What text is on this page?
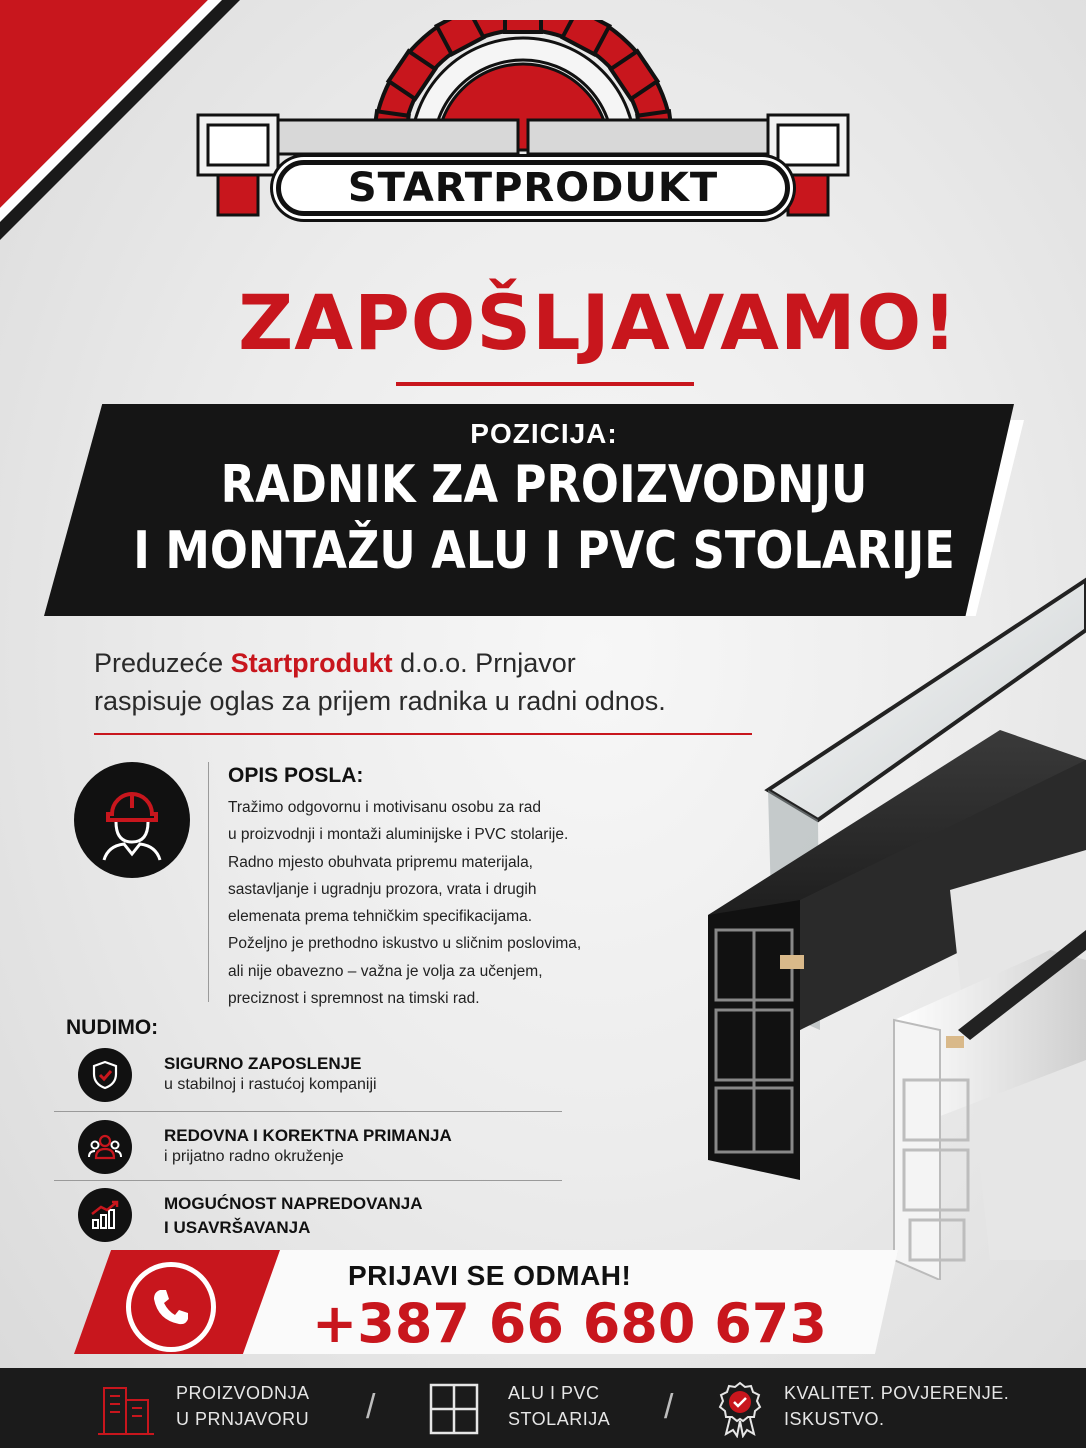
STARTPRODUKT
ZAPOŠLJAVAMO!
POZICIJA:
RADNIK ZA PROIZVODNJU
I MONTAŽU ALU I PVC STOLARIJE
Preduzeće Startprodukt d.o.o. Prnjavor
raspisuje oglas za prijem radnika u radni odnos.
OPIS POSLA:
Tražimo odgovornu i motivisanu osobu za rad
u proizvodnji i montaži aluminijske i PVC stolarije.
Radno mjesto obuhvata pripremu materijala,
sastavljanje i ugradnju prozora, vrata i drugih
elemenata prema tehničkim specifikacijama.
Poželjno je prethodno iskustvo u sličnim poslovima,
ali nije obavezno – važna je volja za učenjem,
preciznost i spremnost na timski rad.
NUDIMO:
SIGURNO ZAPOSLENJE
u stabilnoj i rastućoj kompaniji
REDOVNA I KOREKTNA PRIMANJA
i prijatno radno okruženje
MOGUĆNOST NAPREDOVANJA
I USAVRŠAVANJA
PRIJAVI SE ODMAH!
+387 66 680 673
PROIZVODNJA
U PRNJAVORU /	ALU I PVC
STOLARIJA /	KVALITET. POVJERENJE.
ISKUSTVO.
